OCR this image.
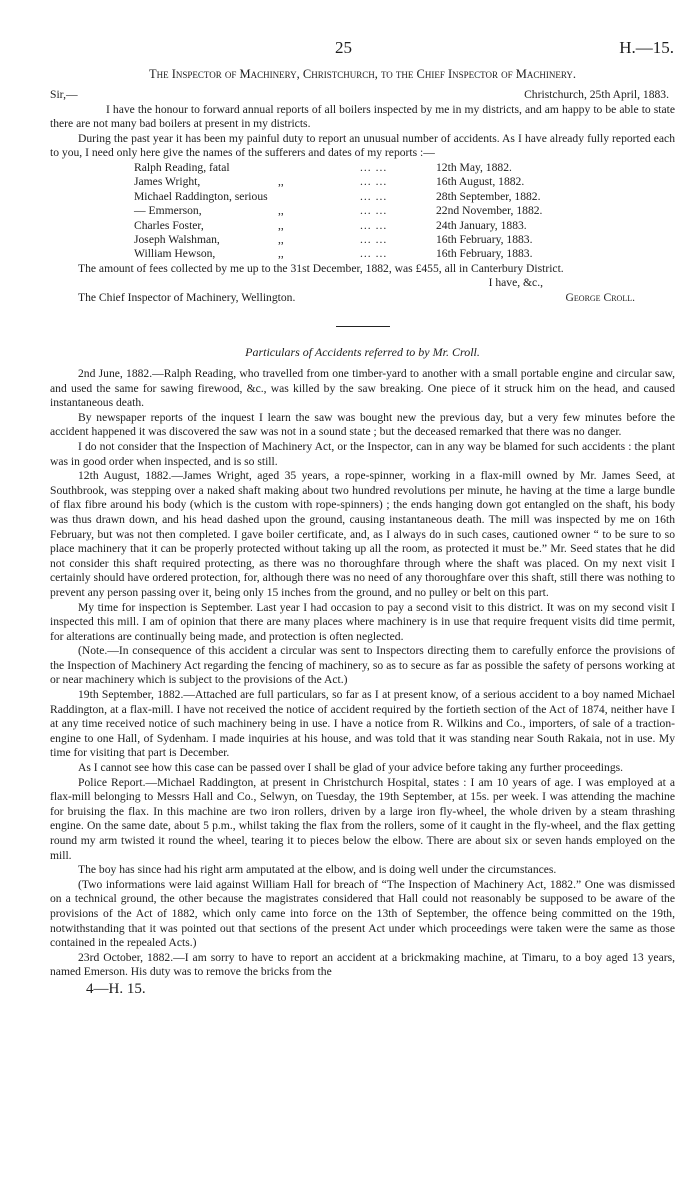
25	H.—15.
The Inspector of Machinery, Christchurch, to the Chief Inspector of Machinery.
Sir,—	Christchurch, 25th April, 1883.

I have the honour to forward annual reports of all boilers inspected by me in my districts, and am happy to be able to state there are not many bad boilers at present in my districts.

During the past year it has been my painful duty to report an unusual number of accidents. As I have already fully reported each to you, I need only here give the names of the sufferers and dates of my reports :—

Ralph Reading, fatal		... ...	12th May, 1882.
James Wright,	,,	... ...	16th August, 1882.
Michael Raddington, serious		... ...	28th September, 1882.
— Emmerson,	,,	... ...	22nd November, 1882.
Charles Foster,	,,	... ...	24th January, 1883.
Joseph Walshman,	,,	... ...	16th February, 1883.
William Hewson,	,,	... ...	16th February, 1883.

The amount of fees collected by me up to the 31st December, 1882, was £455, all in Canterbury District.

I have, &c.,
The Chief Inspector of Machinery, Wellington.	George Croll.
Particulars of Accidents referred to by Mr. Croll.

2nd June, 1882.—Ralph Reading, who travelled from one timber-yard to another with a small portable engine and circular saw, and used the same for sawing firewood, &c., was killed by the saw breaking. One piece of it struck him on the head, and caused instantaneous death.

By newspaper reports of the inquest I learn the saw was bought new the previous day, but a very few minutes before the accident happened it was discovered the saw was not in a sound state ; but the deceased remarked that there was no danger.

I do not consider that the Inspection of Machinery Act, or the Inspector, can in any way be blamed for such accidents : the plant was in good order when inspected, and is so still.

12th August, 1882.—James Wright, aged 35 years, a rope-spinner, working in a flax-mill owned by Mr. James Seed, at Southbrook, was stepping over a naked shaft making about two hundred revolutions per minute, he having at the time a large bundle of flax fibre around his body (which is the custom with rope-spinners) ; the ends hanging down got entangled on the shaft, his body was thus drawn down, and his head dashed upon the ground, causing instantaneous death. The mill was inspected by me on 16th February, but was not then completed. I gave boiler certificate, and, as I always do in such cases, cautioned owner “ to be sure to so place machinery that it can be properly protected without taking up all the room, as protected it must be.” Mr. Seed states that he did not consider this shaft required protecting, as there was no thoroughfare through where the shaft was placed. On my next visit I certainly should have ordered protection, for, although there was no need of any thoroughfare over this shaft, still there was nothing to prevent any person passing over it, being only 15 inches from the ground, and no pulley or belt on this part.

My time for inspection is September. Last year I had occasion to pay a second visit to this district. It was on my second visit I inspected this mill. I am of opinion that there are many places where machinery is in use that require frequent visits did time permit, for alterations are continually being made, and protection is often neglected.

(Note.—In consequence of this accident a circular was sent to Inspectors directing them to carefully enforce the provisions of the Inspection of Machinery Act regarding the fencing of machinery, so as to secure as far as possible the safety of persons working at or near machinery which is subject to the provisions of the Act.)

19th September, 1882.—Attached are full particulars, so far as I at present know, of a serious accident to a boy named Michael Raddington, at a flax-mill. I have not received the notice of accident required by the fortieth section of the Act of 1874, neither have I at any time received notice of such machinery being in use. I have a notice from R. Wilkins and Co., importers, of sale of a traction-engine to one Hall, of Sydenham. I made inquiries at his house, and was told that it was standing near South Rakaia, not in use. My time for visiting that part is December.

As I cannot see how this case can be passed over I shall be glad of your advice before taking any further proceedings.

Police Report.—Michael Raddington, at present in Christchurch Hospital, states : I am 10 years of age. I was employed at a flax-mill belonging to Messrs Hall and Co., Selwyn, on Tuesday, the 19th September, at 15s. per week. I was attending the machine for bruising the flax. In this machine are two iron rollers, driven by a large iron fly-wheel, the whole driven by a steam thrashing engine. On the same date, about 5 p.m., whilst taking the flax from the rollers, some of it caught in the fly-wheel, and the flax getting round my arm twisted it round the wheel, tearing it to pieces below the elbow. There are about six or seven hands employed on the mill.

The boy has since had his right arm amputated at the elbow, and is doing well under the circumstances.

(Two informations were laid against William Hall for breach of “The Inspection of Machinery Act, 1882.” One was dismissed on a technical ground, the other because the magistrates considered that Hall could not reasonably be supposed to be aware of the provisions of the Act of 1882, which only came into force on the 13th of September, the offence being committed on the 19th, notwithstanding that it was pointed out that sections of the present Act under which proceedings were taken were the same as those contained in the repealed Acts.)

23rd October, 1882.—I am sorry to have to report an accident at a brickmaking machine, at Timaru, to a boy aged 13 years, named Emerson. His duty was to remove the bricks from the

4—H. 15.
